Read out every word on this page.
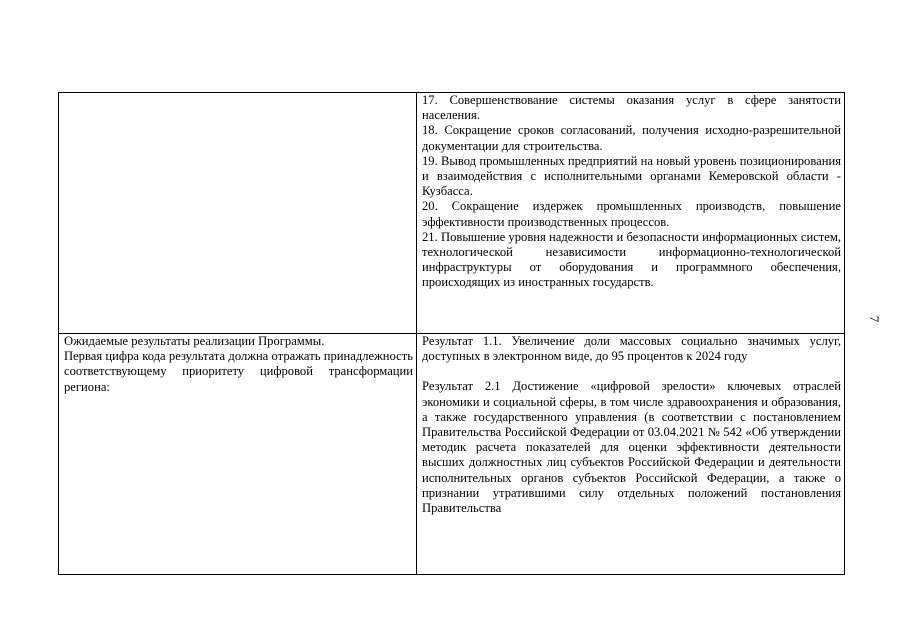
	17. Совершенствование системы оказания услуг в сфере занятости населения.
18. Сокращение сроков согласований, получения исходно-разрешительной документации для строительства.
19. Вывод промышленных предприятий на новый уровень позиционирования и взаимодействия с исполнительными органами Кемеровской области - Кузбасса.
20. Сокращение издержек промышленных производств, повышение эффективности производственных процессов.
21. Повышение уровня надежности и безопасности информационных систем, технологической независимости информационно-технологической инфраструктуры от оборудования и программного обеспечения, происходящих из иностранных государств.

Ожидаемые результаты реализации Программы.
Первая цифра кода результата должна отражать принадлежность соответствующему приоритету цифровой трансформации региона:	Результат 1.1. Увеличение доли массовых социально значимых услуг, доступных в электронном виде, до 95 процентов к 2024 году
Результат 2.1 Достижение «цифровой зрелости» ключевых отраслей экономики и социальной сферы, в том числе здравоохранения и образования, а также государственного управления (в соответствии с постановлением Правительства Российской Федерации от 03.04.2021 № 542 «Об утверждении методик расчета показателей для оценки эффективности деятельности высших должностных лиц субъектов Российской Федерации и деятельности исполнительных органов субъектов Российской Федерации, а также о признании утратившими силу отдельных положений постановления Правительства
7
